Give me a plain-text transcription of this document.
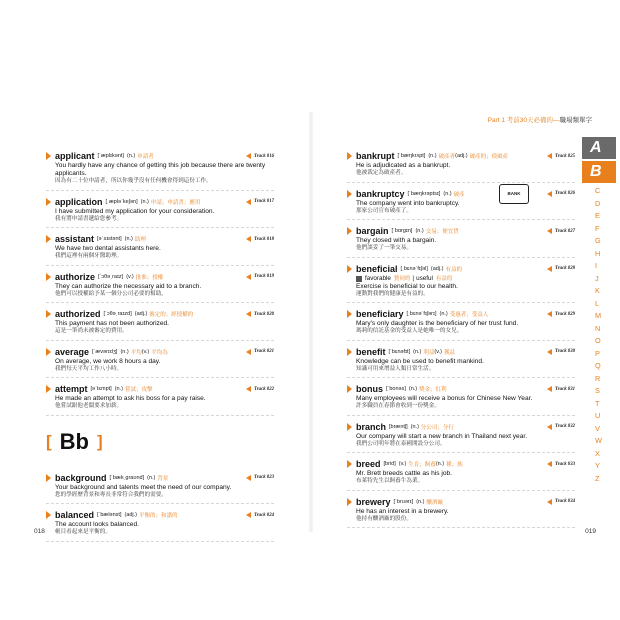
Part 1 考前30天必備的—職場類單字
applicant [ˈæplɪkənt] (n.) 申請者	Track 016
You hardly have any chance of getting this job because there are twenty applicants.
因為有二十位申請者，所以你幾乎沒有任何機會得到這份工作。
application [ˌæpləˈkeʃən] (n.) 申請；申請書；應用	Track 017
I have submitted my application for your consideration.
我有將申請書遞給您參考。
assistant [əˈsɪstənt] (n.) 助理	Track 018
We have two dental assistants here.
我們這裡有兩個牙醫助理。
authorize [ˈɔθəˌraɪz] (v.) 批准；授權	Track 019
They can authorize the necessary aid to a branch.
他們可以授權給予某一個分公司必要的幫助。
authorized [ˈɔθəˌraɪzd] (adj.) 審定的；經授權的	Track 020
This payment has not been authorized.
這是一筆尚未被審定的費用。
average [ˈævərɪdʒ] (n.) 平均 (v.) 平均為	Track 021
On average, we work 8 hours a day.
我們每天平均工作八小時。
attempt [əˈtɛmpt] (n.) 嘗試；攻擊	Track 022
He made an attempt to ask his boss for a pay raise.
他嘗試跟他老闆要求加薪。
[ Bb ]
background [ˈbækˌgraʊnd] (n.) 背景	Track 023
Your background and talents meet the need of our company.
您的學經歷背景和專長非常符合我們的需要。
balanced [ˈbælənst] (adj.) 平衡的；和諧的	Track 024
The account looks balanced.
帳目看起來是平衡的。
bankrupt [ˈbæŋkrʌpt] (n.) 破產者 (adj.) 破產的；使破產	Track 025
He is adjudicated as a bankrupt.
他被裁定為破產者。
bankruptcy [ˈbæŋkrəptsɪ] (n.) 破產	Track 026
The company went into bankruptcy.
那家公司宣布破產了。
bargain [ˈbɑrgɪn] (n.) 交易；便宜貨	Track 027
They closed with a bargain.
他們談妥了一筆交易。
beneficial [ˌbɛnəˈfɪʃəl] (adj.) 有益的	Track 028
favorable 贊同的 | useful 有益的
Exercise is beneficial to our health.
運動對我們的健康是有益的。
beneficiary [ˌbɛnəˈfɪʃərɪ] (n.) 受惠者；受益人	Track 029
Mary's only daughter is the beneficiary of her trust fund.
瑪莉的信託基金的受益人是她唯一的女兒。
benefit [ˈbɛnəfɪt] (n.) 利益 (v.) 獲益	Track 030
Knowledge can be used to benefit mankind.
知識可用來增益人類日常生活。
bonus [ˈbonəs] (n.) 獎金；紅利	Track 031
Many employees will receive a bonus for Chinese New Year.
許多職員在春節會收到一份獎金。
branch [bræntʃ] (n.) 分公司；分行	Track 032
Our company will start a new branch in Thailand next year.
我們公司明年將在泰國開設分公司。
breed [brid] (v.) 生育；飼養 (n.) 種；族	Track 033
Mr. Brett breeds cattle as his job.
布萊特先生以飼養牛為業。
brewery [ˈbruərɪ] (n.) 釀酒廠	Track 034
He has an interest in a brewery.
他持有釀酒廠的股份。
BANK
A
B
C
D
E
F
G
H
I
J
K
L
M
N
O
P
Q
R
S
T
U
V
W
X
Y
Z
018	019
